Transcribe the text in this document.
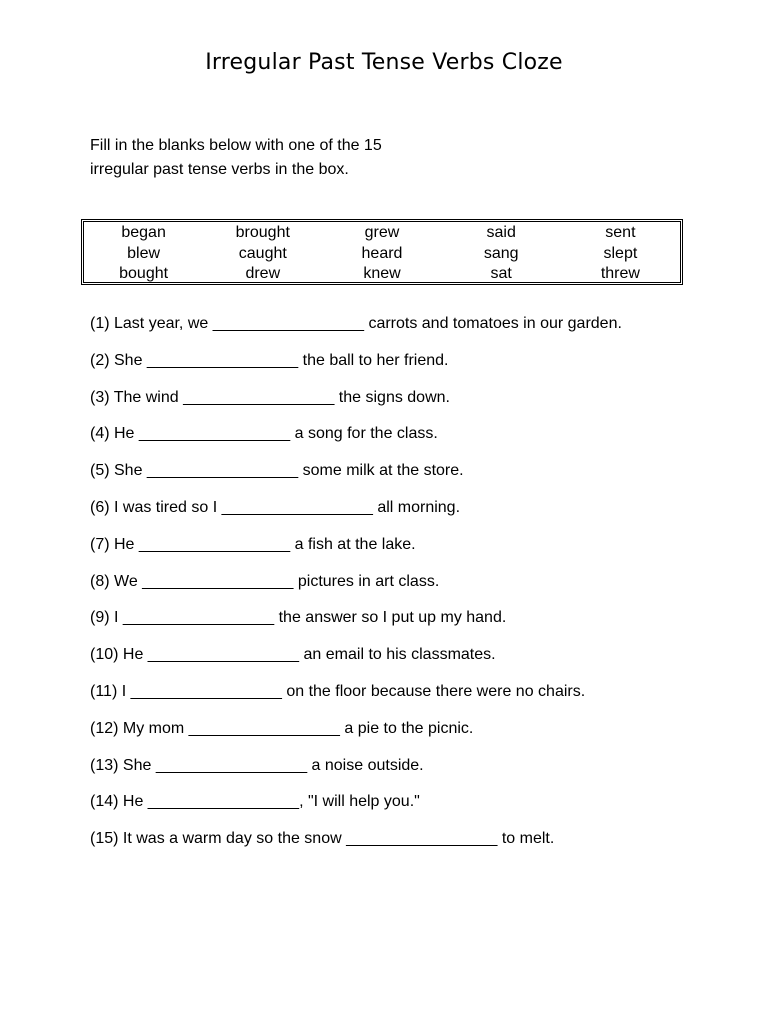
Irregular Past Tense Verbs Cloze
Fill in the blanks below with one of the 15
irregular past tense verbs in the box.
began	brought	grew	said	sent
blew	caught	heard	sang	slept
bought	drew	knew	sat	threw
(1) Last year, we _________________ carrots and tomatoes in our garden.
(2) She _________________ the ball to her friend.
(3) The wind _________________ the signs down.
(4) He _________________ a song for the class.
(5) She _________________ some milk at the store.
(6) I was tired so I _________________ all morning.
(7) He _________________ a fish at the lake.
(8) We _________________ pictures in art class.
(9) I _________________ the answer so I put up my hand.
(10) He _________________ an email to his classmates.
(11) I _________________ on the floor because there were no chairs.
(12) My mom _________________ a pie to the picnic.
(13) She _________________ a noise outside.
(14) He _________________, "I will help you."
(15) It was a warm day so the snow _________________ to melt.
